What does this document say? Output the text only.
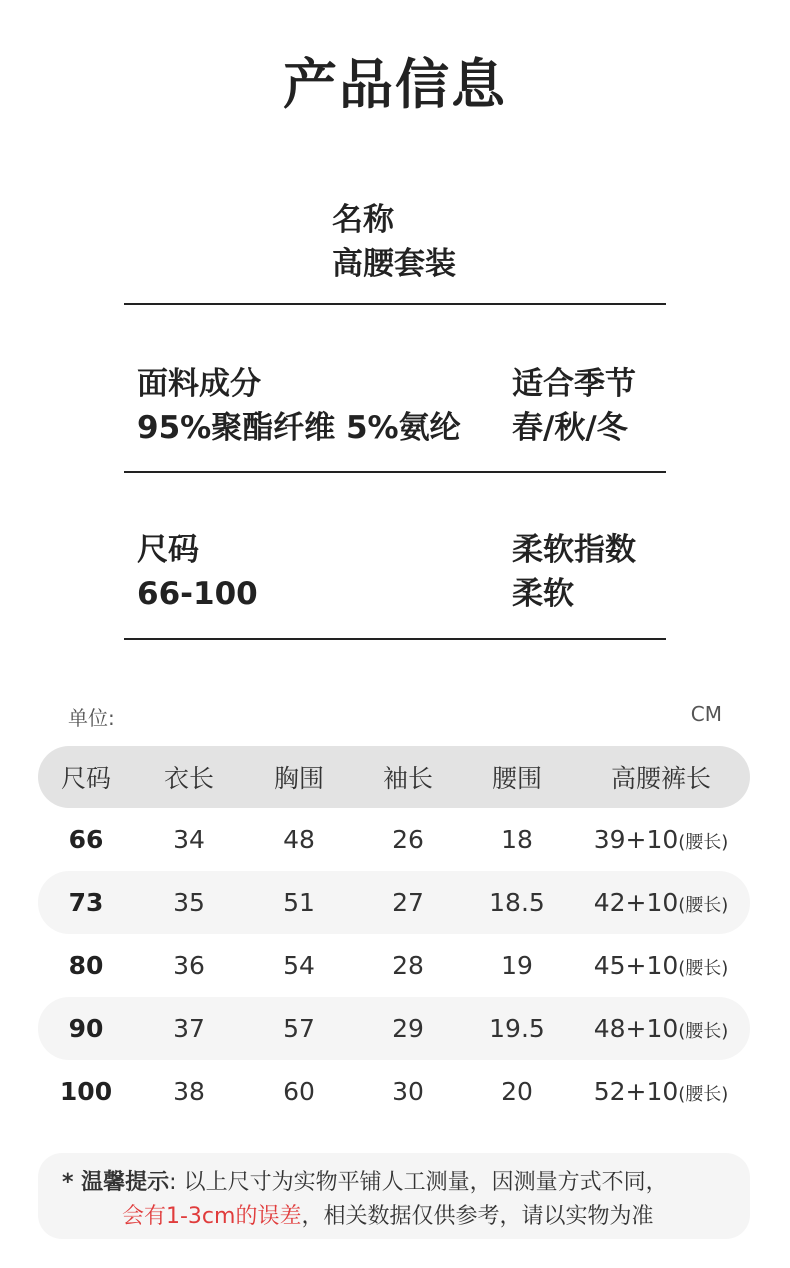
产品信息
名称
高腰套装
面料成分
95%聚酯纤维 5%氨纶
适合季节
春/秋/冬
尺码
66-100
柔软指数
柔软
单位:	CM
尺码	衣长	胸围	袖长	腰围	高腰裤长
66	34	48	26	18	39+10(腰长)
73	35	51	27	18.5	42+10(腰长)
80	36	54	28	19	45+10(腰长)
90	37	57	29	19.5	48+10(腰长)
100	38	60	30	20	52+10(腰长)
* 温馨提示: 以上尺寸为实物平铺人工测量，因测量方式不同，
会有1-3cm的误差，相关数据仅供参考，请以实物为准
